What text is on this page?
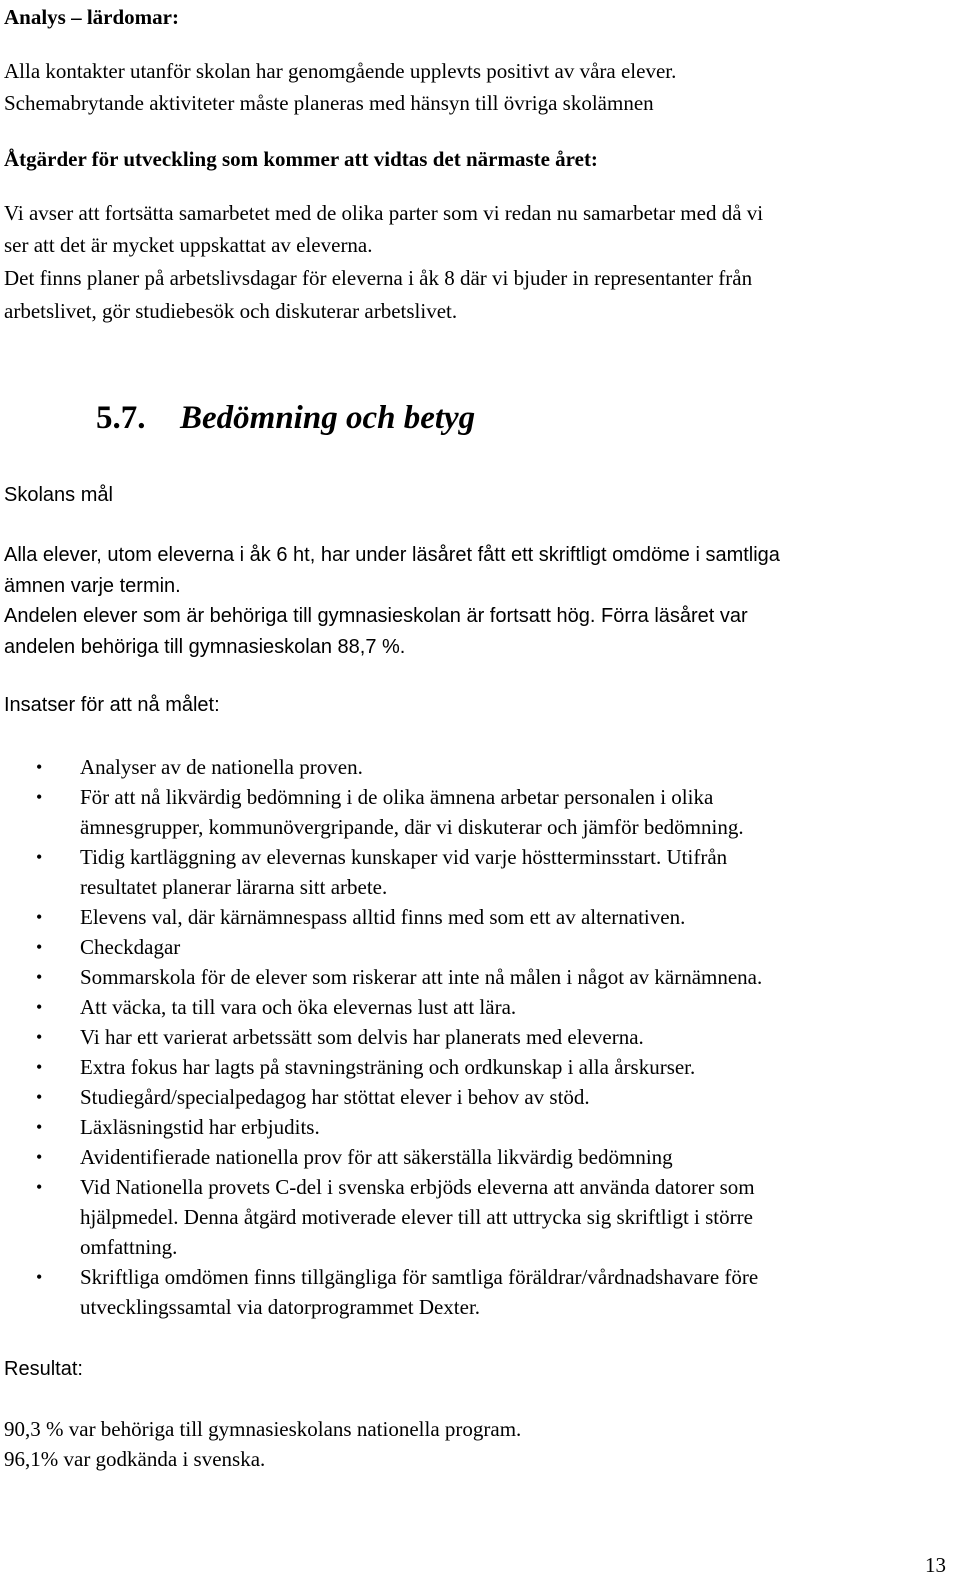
Analys – lärdomar:

Alla kontakter utanför skolan har genomgående upplevts positivt av våra elever.

Schemabrytande aktiviteter måste planeras med hänsyn till övriga skolämnen

Åtgärder för utveckling som kommer att vidtas det närmaste året:

Vi avser att fortsätta samarbetet med de olika parter som vi redan nu samarbetar med då vi

ser att det är mycket uppskattat av eleverna.

Det finns planer på arbetslivsdagar för eleverna i åk 8 där vi bjuder in representanter från

arbetslivet, gör studiebesök och diskuterar arbetslivet.

5.7. Bedömning och betyg

Skolans mål

Alla elever, utom eleverna i åk 6 ht, har under läsåret fått ett skriftligt omdöme i samtliga

ämnen varje termin.

Andelen elever som är behöriga till gymnasieskolan är fortsatt hög. Förra läsåret var

andelen behöriga till gymnasieskolan 88,7 %.

Insatser för att nå målet:

• Analyser av de nationella proven.
• För att nå likvärdig bedömning i de olika ämnena arbetar personalen i olika
ämnesgrupper, kommunövergripande, där vi diskuterar och jämför bedömning.
• Tidig kartläggning av elevernas kunskaper vid varje höstterminsstart. Utifrån
resultatet planerar lärarna sitt arbete.
• Elevens val, där kärnämnespass alltid finns med som ett av alternativen.
• Checkdagar
• Sommarskola för de elever som riskerar att inte nå målen i något av kärnämnena.
• Att väcka, ta till vara och öka elevernas lust att lära.
• Vi har ett varierat arbetssätt som delvis har planerats med eleverna.
• Extra fokus har lagts på stavningsträning och ordkunskap i alla årskurser.
• Studiegård/specialpedagog har stöttat elever i behov av stöd.
• Läxläsningstid har erbjudits.
• Avidentifierade nationella prov för att säkerställa likvärdig bedömning
• Vid Nationella provets C-del i svenska erbjöds eleverna att använda datorer som
hjälpmedel. Denna åtgärd motiverade elever till att uttrycka sig skriftligt i större
omfattning.
• Skriftliga omdömen finns tillgängliga för samtliga föräldrar/vårdnadshavare före
utvecklingssamtal via datorprogrammet Dexter.

Resultat:

90,3 % var behöriga till gymnasieskolans nationella program.

96,1% var godkända i svenska.

13
